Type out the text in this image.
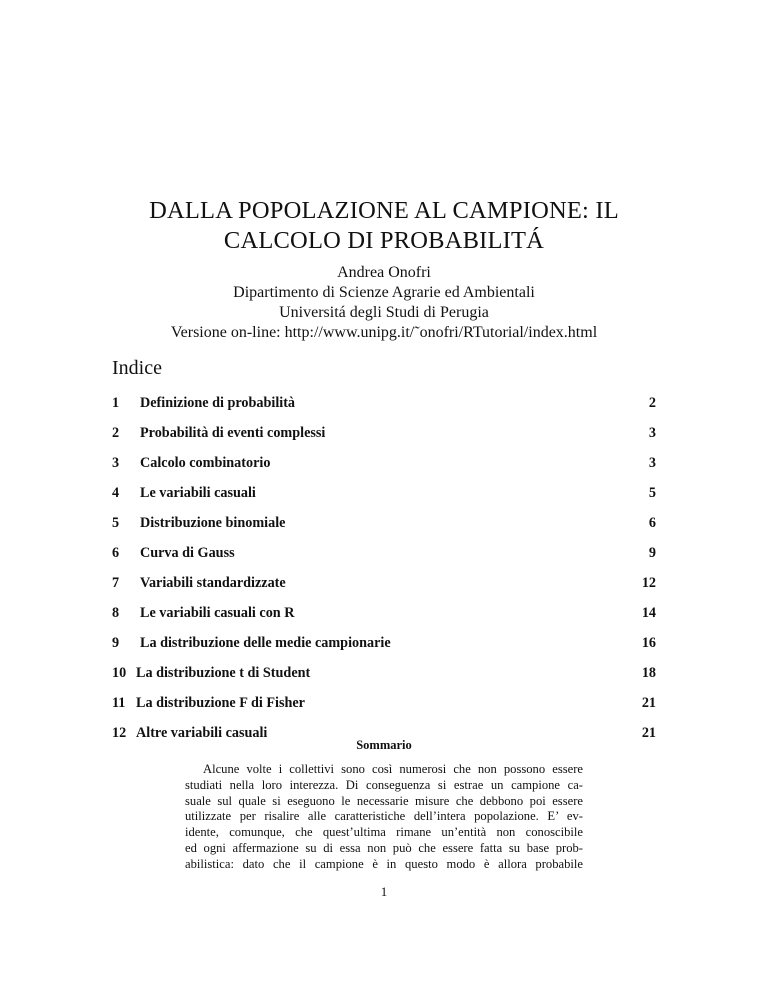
DALLA POPOLAZIONE AL CAMPIONE: IL
CALCOLO DI PROBABILITÁ
Andrea Onofri
Dipartimento di Scienze Agrarie ed Ambientali
Universitá degli Studi di Perugia
Versione on-line: http://www.unipg.it/˜onofri/RTutorial/index.html
Indice
1 Definizione di probabilità	2
2 Probabilità di eventi complessi	3
3 Calcolo combinatorio	3
4 Le variabili casuali	5
5 Distribuzione binomiale	6
6 Curva di Gauss	9
7 Variabili standardizzate	12
8 Le variabili casuali con R	14
9 La distribuzione delle medie campionarie	16
10 La distribuzione t di Student	18
11 La distribuzione F di Fisher	21
12 Altre variabili casuali	21
Sommario
Alcune volte i collettivi sono così numerosi che non possono essere
studiati nella loro interezza. Di conseguenza si estrae un campione ca-
suale sul quale si eseguono le necessarie misure che debbono poi essere
utilizzate per risalire alle caratteristiche dell’intera popolazione. E’ ev-
idente, comunque, che quest’ultima rimane un’entità non conoscibile
ed ogni affermazione su di essa non può che essere fatta su base prob-
abilistica: dato che il campione è in questo modo è allora probabile
1
